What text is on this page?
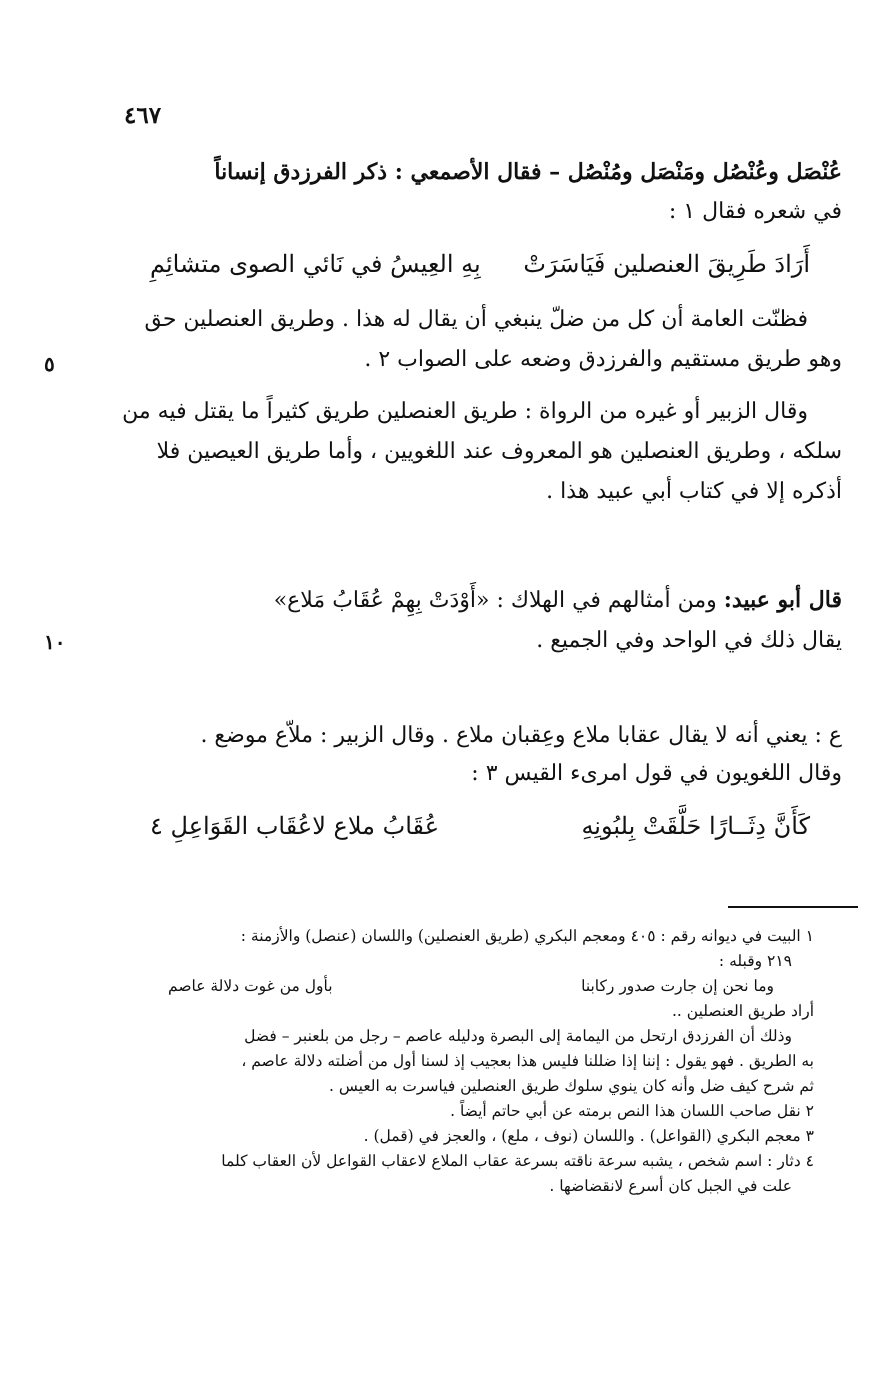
٤٦٧
٥
١٠
عُنْصَل وعُنْصُل ومَنْصَل ومُنْصُل – فقال الأصمعي : ذكر الفرزدق إنساناً
في شعره فقال ١ :
أَرَادَ طَرِيقَ العنصلين فَيَاسَرَتْ
بِهِ العِيسُ في نَائي الصوى متشائِمِ
فظنّت العامة أن كل من ضلّ ينبغي أن يقال له هذا . وطريق العنصلين حق
وهو طريق مستقيم والفرزدق وضعه على الصواب ٢ .
وقال الزبير أو غيره من الرواة : طريق العنصلين طريق كثيراً ما يقتل فيه من
سلكه ، وطريق العنصلين هو المعروف عند اللغويين ، وأما طريق العيصين فلا
أذكره إلا في كتاب أبي عبيد هذا .
قال أبو عبيد: ومن أمثالهم في الهلاك : «أَوْدَتْ بِهِمْ عُقَابُ مَلاع»
يقال ذلك في الواحد وفي الجميع .
ع : يعني أنه لا يقال عقابا ملاع وعِقبان ملاع . وقال الزبير : ملاّع موضع .
وقال اللغويون في قول امرىء القيس ٣ :
كَأَنَّ دِثَــارًا حَلَّقَتْ بِلبُونِهِ
عُقَابُ ملاع لاعُقَاب القَوَاعِلِ ٤
١ البيت في ديوانه رقم : ٤٠٥ ومعجم البكري (طريق العنصلين) واللسان (عنصل) والأزمنة :
٢١٩ وقبله :
وما نحن إن جارت صدور ركابنا
بأول من غوت دلالة عاصم
أراد طريق العنصلين ..
وذلك أن الفرزدق ارتحل من اليمامة إلى البصرة ودليله عاصم – رجل من بلعنبر – فضل
به الطريق . فهو يقول : إننا إذا ضللنا فليس هذا بعجيب إذ لسنا أول من أضلته دلالة عاصم ،
ثم شرح كيف ضل وأنه كان ينوي سلوك طريق العنصلين فياسرت به العيس .
٢ نقل صاحب اللسان هذا النص برمته عن أبي حاتم أيضاً .
٣ معجم البكري (القواعل) . واللسان (نوف ، ملع) ، والعجز في (قمل) .
٤ دثار : اسم شخص ، يشبه سرعة ناقته بسرعة عقاب الملاع لاعقاب القواعل لأن العقاب كلما
علت في الجبل كان أسرع لانقضاضها .
